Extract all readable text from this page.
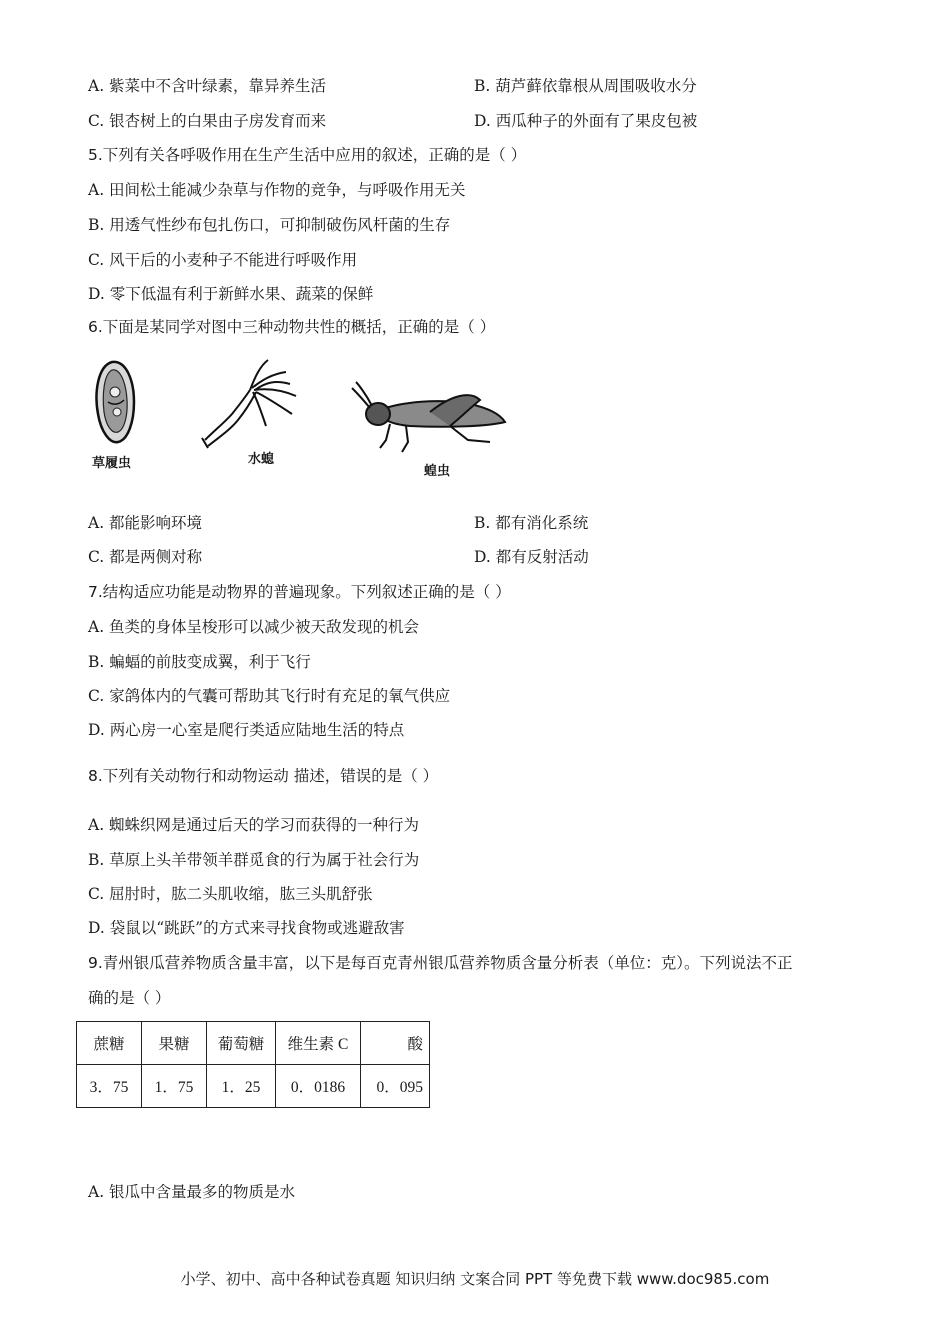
A. 紫菜中不含叶绿素，靠异养生活	B. 葫芦藓依靠根从周围吸收水分
C. 银杏树上的白果由子房发育而来	D. 西瓜种子的外面有了果皮包被
5.下列有关各呼吸作用在生产生活中应用的叙述，正确的是（ ）
A. 田间松土能减少杂草与作物的竞争，与呼吸作用无关
B. 用透气性纱布包扎伤口，可抑制破伤风杆菌的生存
C. 风干后的小麦种子不能进行呼吸作用
D. 零下低温有利于新鲜水果、蔬菜的保鲜
6.下面是某同学对图中三种动物共性的概括，正确的是（ ）
草履虫	水螅
蝗虫
A. 都能影响环境	B. 都有消化系统
C. 都是两侧对称	D. 都有反射活动
7.结构适应功能是动物界的普遍现象。下列叙述正确的是（ ）
A. 鱼类的身体呈梭形可以减少被天敌发现的机会
B. 蝙蝠的前肢变成翼，利于飞行
C. 家鸽体内的气囊可帮助其飞行时有充足的氧气供应
D. 两心房一心室是爬行类适应陆地生活的特点
8.下列有关动物行和动物运动 描述，错误的是（ ）
A. 蜘蛛织网是通过后天的学习而获得的一种行为
B. 草原上头羊带领羊群觅食的行为属于社会行为
C. 屈肘时，肱二头肌收缩，肱三头肌舒张
D. 袋鼠以“跳跃”的方式来寻找食物或逃避敌害
9.青州银瓜营养物质含量丰富，以下是每百克青州银瓜营养物质含量分析表（单位：克）。下列说法不正
确的是（ ）
蔗糖	果糖	葡萄糖	维生素 C	酸
3．75	1．75	1．25	0．0186	0．095
A. 银瓜中含量最多的物质是水
小学、初中、高中各种试卷真题 知识归纳 文案合同 PPT 等免费下载 www.doc985.com
